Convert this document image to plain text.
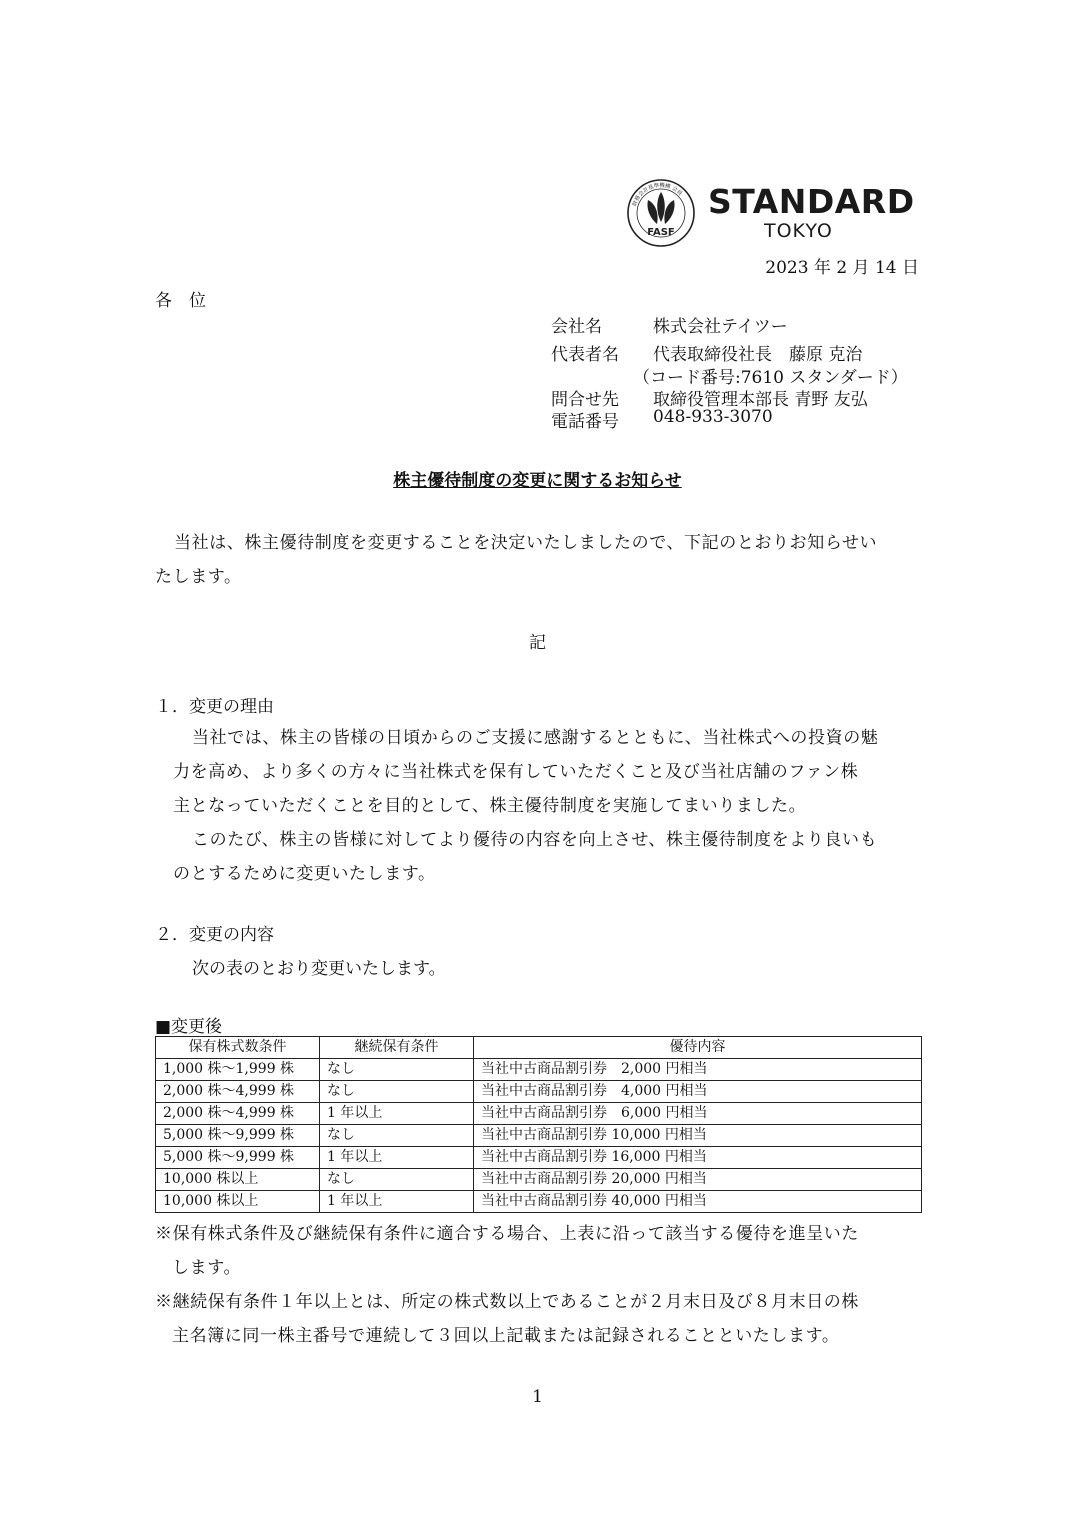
FASF
財務会計基準機構 会員 STANDARD
TOKYO
2023 年 2 月 14 日
各　位
会社名	株式会社テイツー
代表者名 代表取締役社長　藤原 克治
（コード番号:7610 スタンダード）
問合せ先 取締役管理本部長 青野 友弘
電話番号 048-933-3070
株主優待制度の変更に関するお知らせ
当社は、株主優待制度を変更することを決定いたしましたので、下記のとおりお知らせい
たします。
記
１．変更の理由
当社では、株主の皆様の日頃からのご支援に感謝するとともに、当社株式への投資の魅
力を高め、より多くの方々に当社株式を保有していただくこと及び当社店舗のファン株
主となっていただくことを目的として、株主優待制度を実施してまいりました。
このたび、株主の皆様に対してより優待の内容を向上させ、株主優待制度をより良いも
のとするために変更いたします。
２．変更の内容
次の表のとおり変更いたします。
■変更後
保有株式数条件	継続保有条件	優待内容
1,000 株～1,999 株	なし	当社中古商品割引券　2,000 円相当
2,000 株～4,999 株	なし	当社中古商品割引券　4,000 円相当
2,000 株～4,999 株	1 年以上	当社中古商品割引券　6,000 円相当
5,000 株～9,999 株	なし	当社中古商品割引券 10,000 円相当
5,000 株～9,999 株	1 年以上	当社中古商品割引券 16,000 円相当
10,000 株以上	なし	当社中古商品割引券 20,000 円相当
10,000 株以上	1 年以上	当社中古商品割引券 40,000 円相当
※保有株式条件及び継続保有条件に適合する場合、上表に沿って該当する優待を進呈いた
します。
※継続保有条件１年以上とは、所定の株式数以上であることが２月末日及び８月末日の株
主名簿に同一株主番号で連続して３回以上記載または記録されることといたします。
1
